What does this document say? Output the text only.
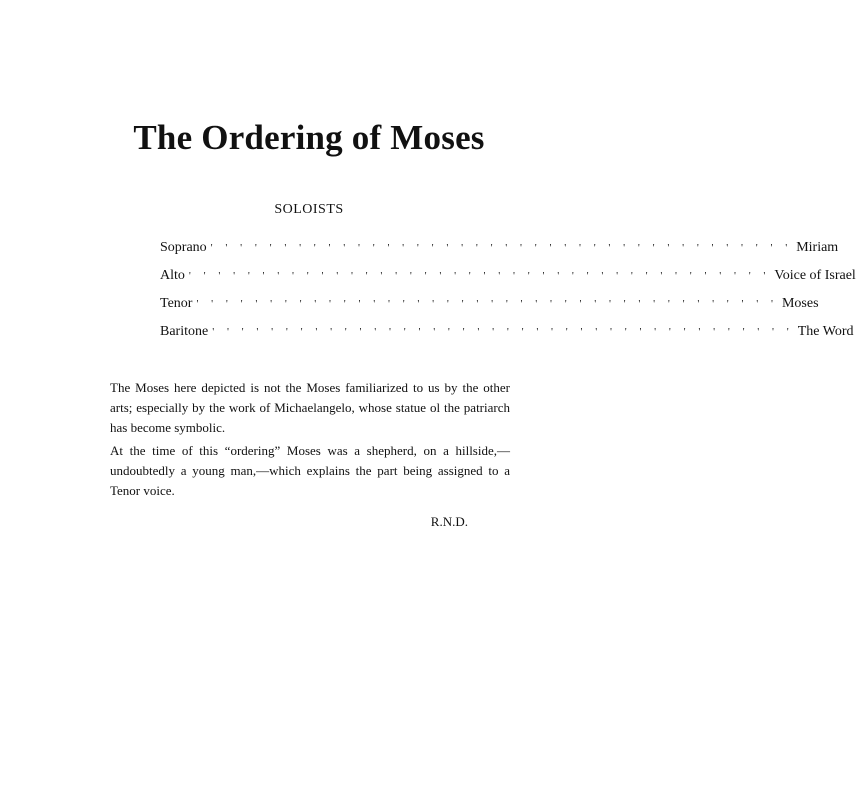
The Ordering of Moses
SOLOISTS
Soprano ' ' ' ' ' ' ' ' ' ' ' ' ' ' ' ' ' ' ' ' ' ' ' ' ' ' ' ' ' ' ' ' ' ' ' ' ' ' ' ' Miriam
Alto ' ' ' ' ' ' ' ' ' ' ' ' ' ' ' ' ' ' ' ' ' ' ' ' ' ' ' ' ' ' ' ' ' ' ' ' ' ' ' ' Voice of Israel
Tenor ' ' ' ' ' ' ' ' ' ' ' ' ' ' ' ' ' ' ' ' ' ' ' ' ' ' ' ' ' ' ' ' ' ' ' ' ' ' ' ' Moses
Baritone ' ' ' ' ' ' ' ' ' ' ' ' ' ' ' ' ' ' ' ' ' ' ' ' ' ' ' ' ' ' ' ' ' ' ' ' ' ' ' ' The Word

The Moses here depicted is not the Moses familiarized to us by the other arts; especially by the work of Michaelangelo, whose statue ol the patriarch has become symbolic.

At the time of this “ordering” Moses was a shepherd, on a hillside,— undoubtedly a young man,—which explains the part being assigned to a Tenor voice.

R.N.D.
